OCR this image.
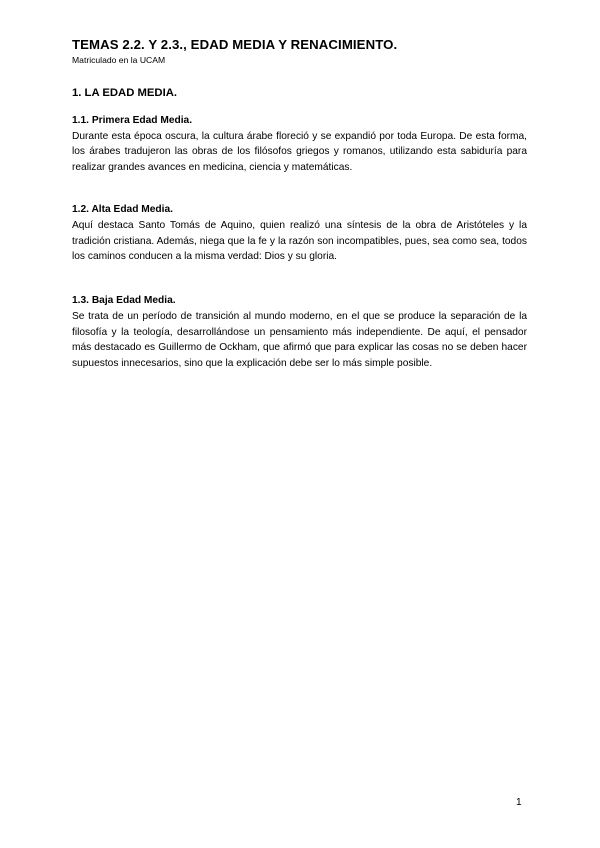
TEMAS 2.2. Y 2.3., EDAD MEDIA Y RENACIMIENTO.

Matriculado en la UCAM

1. LA EDAD MEDIA.
1.1. Primera Edad Media.

Durante esta época oscura, la cultura árabe floreció y se expandió por toda Europa. De esta forma, los árabes tradujeron las obras de los filósofos griegos y romanos, utilizando esta sabiduría para realizar grandes avances en medicina, ciencia y matemáticas.

1.2. Alta Edad Media.

Aquí destaca Santo Tomás de Aquino, quien realizó una síntesis de la obra de Aristóteles y la tradición cristiana. Además, niega que la fe y la razón son incompatibles, pues, sea como sea, todos los caminos conducen a la misma verdad: Dios y su gloria.

1.3. Baja Edad Media.

Se trata de un período de transición al mundo moderno, en el que se produce la separación de la filosofía y la teología, desarrollándose un pensamiento más independiente. De aquí, el pensador más destacado es Guillermo de Ockham, que afirmó que para explicar las cosas no se deben hacer supuestos innecesarios, sino que la explicación debe ser lo más simple posible.

1
